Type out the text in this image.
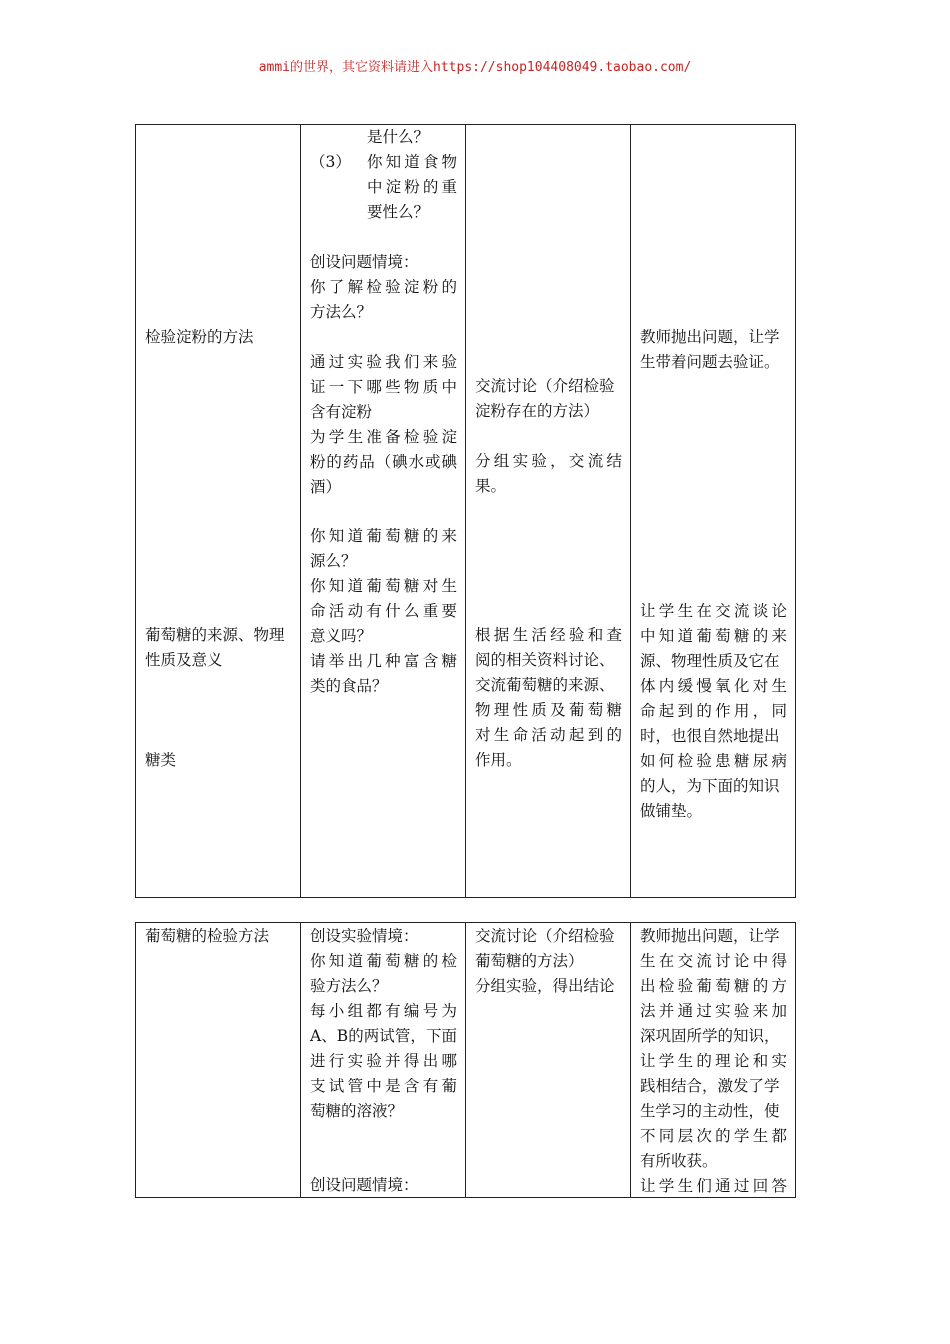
ammi的世界，其它资料请进入https://shop104408049.taobao.com/
检验淀粉的方法
葡萄糖的来源、物理
性质及意义
糖类

是什么？
（3） 你知道食物
中淀粉的重
要性么？
创设问题情境：
你了解检验淀粉的
方法么？
通过实验我们来验
证一下哪些物质中
含有淀粉
为学生准备检验淀
粉的药品（碘水或碘
酒）
你知道葡萄糖的来
源么？
你知道葡萄糖对生
命活动有什么重要
意义吗？
请举出几种富含糖
类的食品？

交流讨论（介绍检验
淀粉存在的方法）
分组实验，交流结
果。
根据生活经验和查
阅的相关资料讨论、
交流葡萄糖的来源、
物理性质及葡萄糖
对生命活动起到的
作用。

教师抛出问题，让学
生带着问题去验证。
让学生在交流谈论
中知道葡萄糖的来
源、物理性质及它在
体内缓慢氧化对生
命起到的作用，同
时，也很自然地提出
如何检验患糖尿病
的人，为下面的知识
做铺垫。
葡萄糖的检验方法	创设实验情境：
你知道葡萄糖的检
验方法么？
每小组都有编号为
A、B的两试管，下面
进行实验并得出哪
支试管中是含有葡
萄糖的溶液？
创设问题情境：

交流讨论（介绍检验
葡萄糖的方法）
分组实验，得出结论

教师抛出问题，让学
生在交流讨论中得
出检验葡萄糖的方
法并通过实验来加
深巩固所学的知识，
让学生的理论和实
践相结合，激发了学
生学习的主动性，使
不同层次的学生都
有所收获。
让学生们通过回答
